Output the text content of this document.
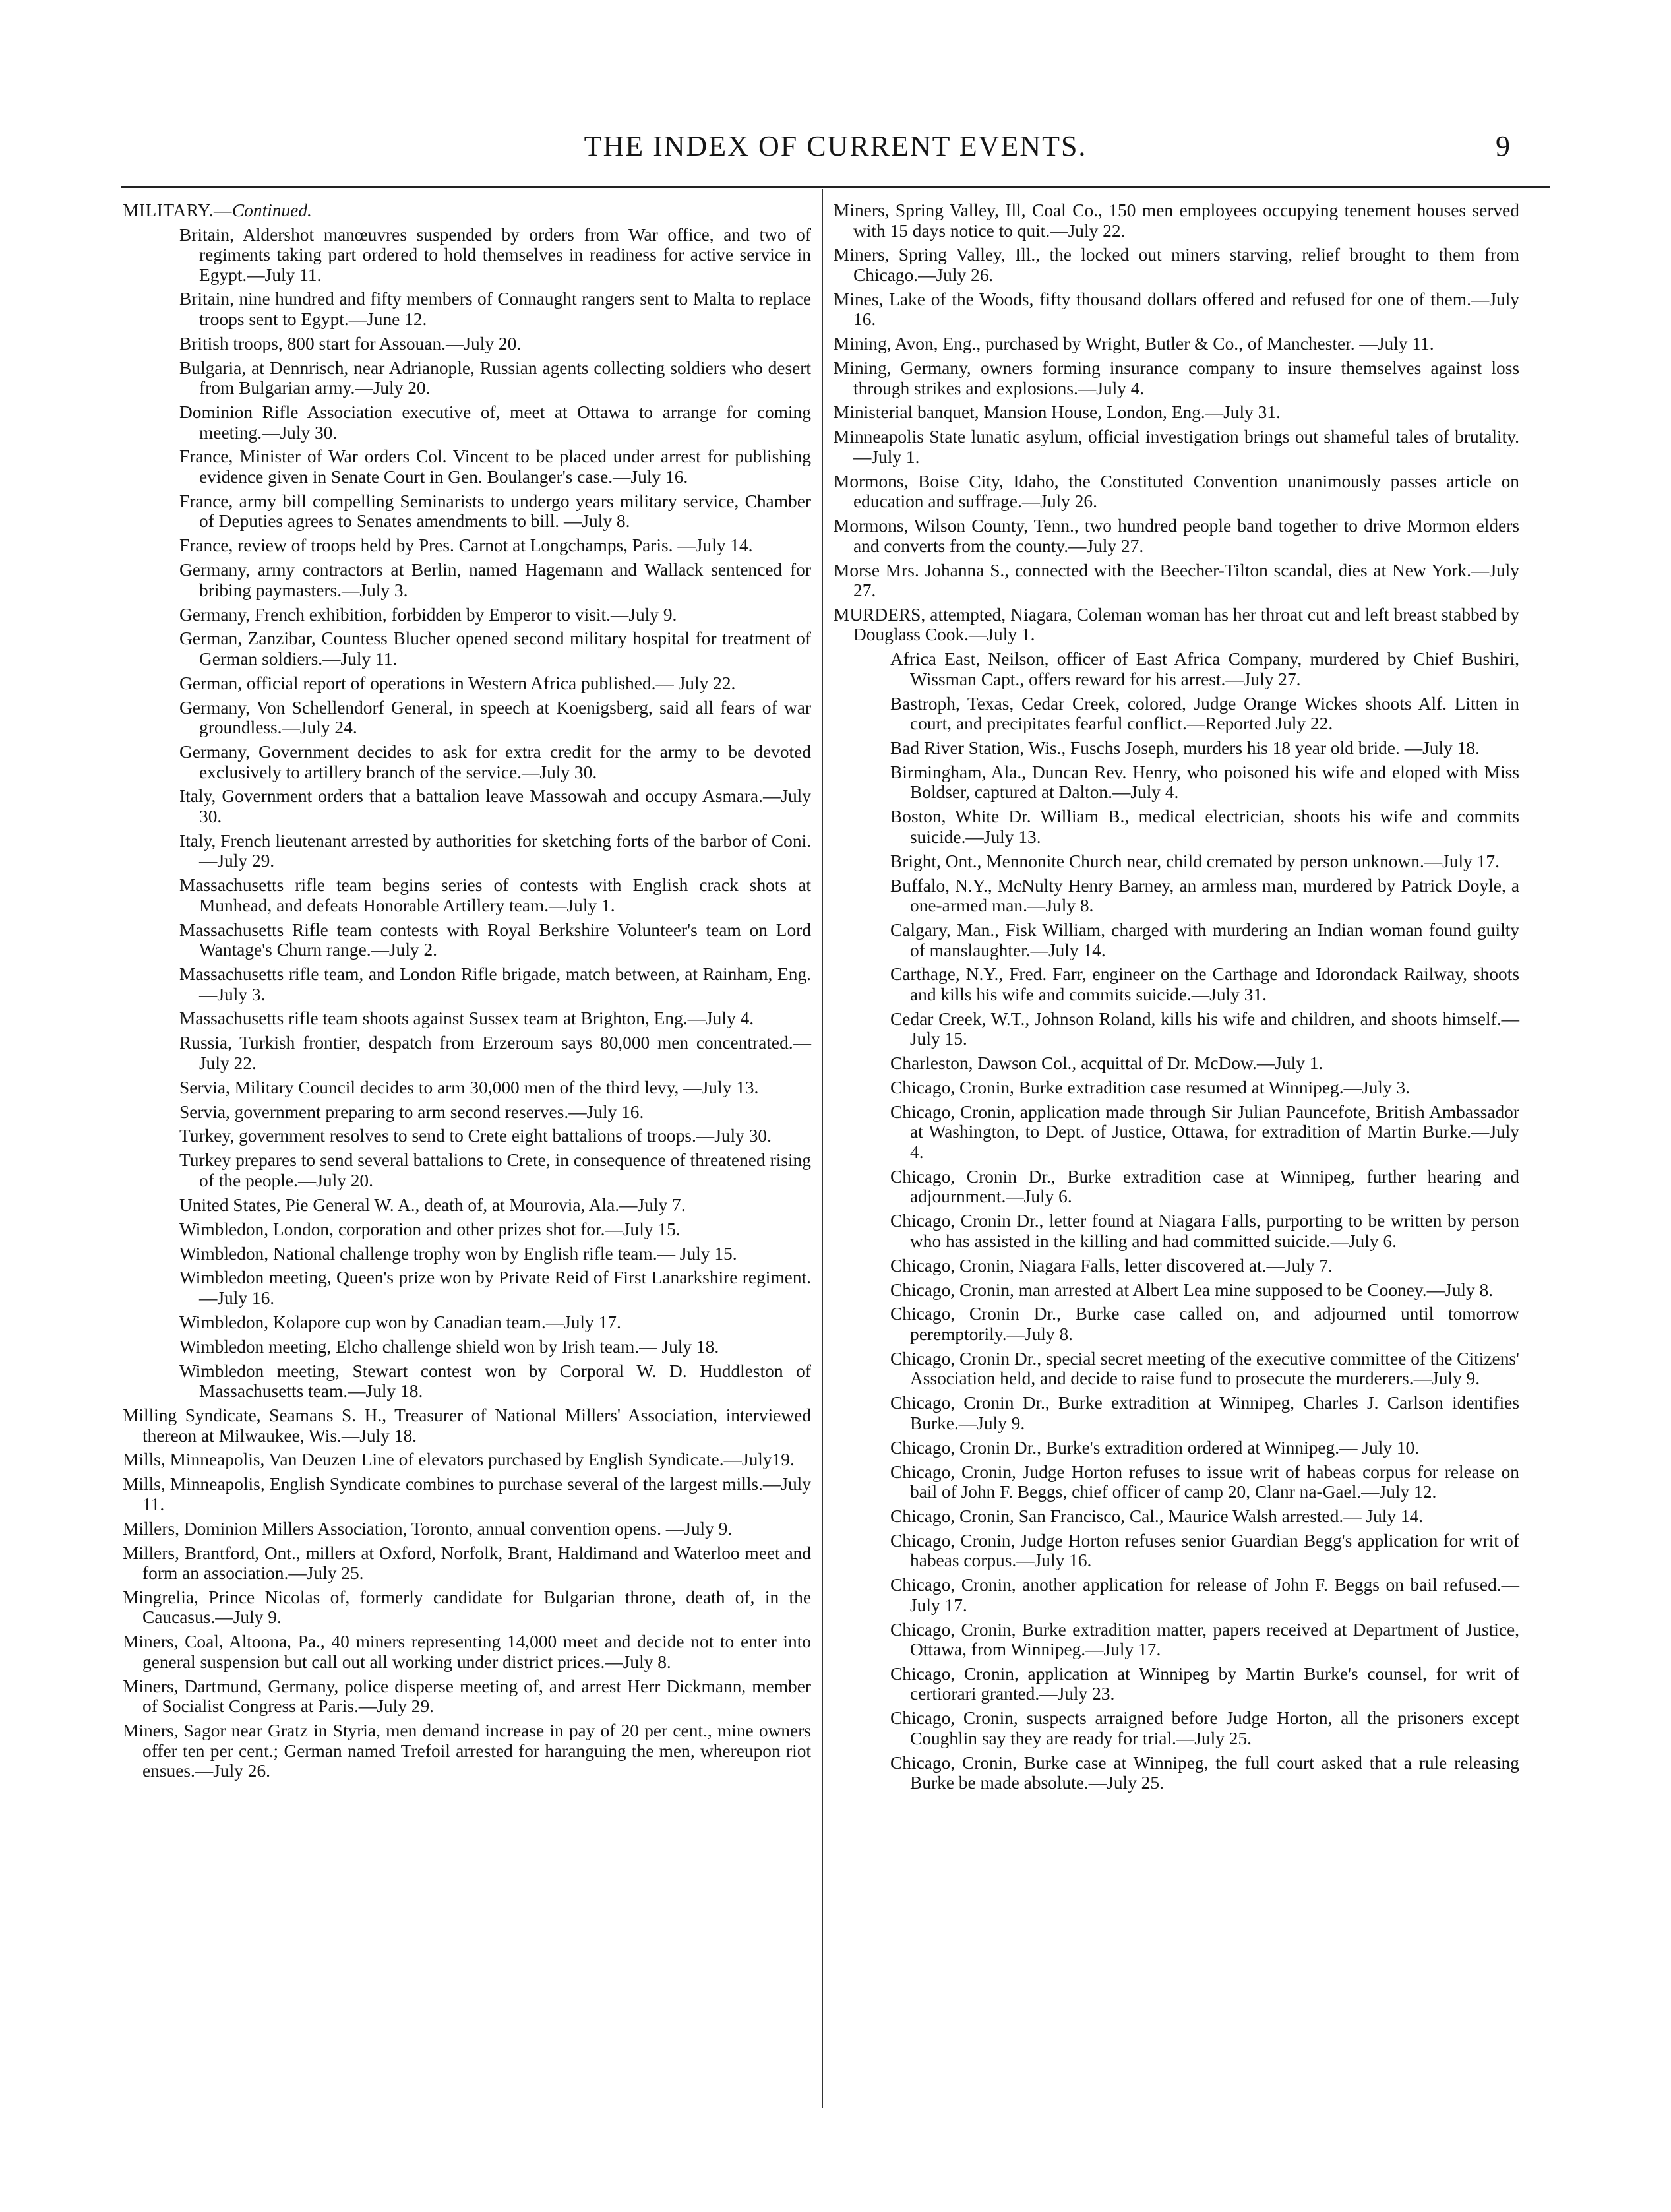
THE INDEX OF CURRENT EVENTS.	9
MILITARY.—Continued.
Britain, Aldershot manœuvres suspended by orders from War office, and two of regiments taking part ordered to hold themselves in readiness for active service in Egypt.—July 11.
Britain, nine hundred and fifty members of Connaught rangers sent to Malta to replace troops sent to Egypt.—June 12.
British troops, 800 start for Assouan.—July 20.
Bulgaria, at Dennrisch, near Adrianople, Russian agents collecting soldiers who desert from Bulgarian army.—July 20.
Dominion Rifle Association executive of, meet at Ottawa to arrange for coming meeting.—July 30.
France, Minister of War orders Col. Vincent to be placed under arrest for publishing evidence given in Senate Court in Gen. Boulanger's case.—July 16.
France, army bill compelling Seminarists to undergo years military service, Chamber of Deputies agrees to Senates amendments to bill. —July 8.
France, review of troops held by Pres. Carnot at Longchamps, Paris. —July 14.
Germany, army contractors at Berlin, named Hagemann and Wallack sentenced for bribing paymasters.—July 3.
Germany, French exhibition, forbidden by Emperor to visit.—July 9.
German, Zanzibar, Countess Blucher opened second military hospital for treatment of German soldiers.—July 11.
German, official report of operations in Western Africa published.— July 22.
Germany, Von Schellendorf General, in speech at Koenigsberg, said all fears of war groundless.—July 24.
Germany, Government decides to ask for extra credit for the army to be devoted exclusively to artillery branch of the service.—July 30.
Italy, Government orders that a battalion leave Massowah and occupy Asmara.—July 30.
Italy, French lieutenant arrested by authorities for sketching forts of the barbor of Coni.—July 29.
Massachusetts rifle team begins series of contests with English crack shots at Munhead, and defeats Honorable Artillery team.—July 1.
Massachusetts Rifle team contests with Royal Berkshire Volunteer's team on Lord Wantage's Churn range.—July 2.
Massachusetts rifle team, and London Rifle brigade, match between, at Rainham, Eng.—July 3.
Massachusetts rifle team shoots against Sussex team at Brighton, Eng.—July 4.
Russia, Turkish frontier, despatch from Erzeroum says 80,000 men concentrated.—July 22.
Servia, Military Council decides to arm 30,000 men of the third levy, —July 13.
Servia, government preparing to arm second reserves.—July 16.
Turkey, government resolves to send to Crete eight battalions of troops.—July 30.
Turkey prepares to send several battalions to Crete, in consequence of threatened rising of the people.—July 20.
United States, Pie General W. A., death of, at Mourovia, Ala.—July 7.
Wimbledon, London, corporation and other prizes shot for.—July 15.
Wimbledon, National challenge trophy won by English rifle team.— July 15.
Wimbledon meeting, Queen's prize won by Private Reid of First Lanarkshire regiment.—July 16.
Wimbledon, Kolapore cup won by Canadian team.—July 17.
Wimbledon meeting, Elcho challenge shield won by Irish team.— July 18.
Wimbledon meeting, Stewart contest won by Corporal W. D. Huddleston of Massachusetts team.—July 18.
Milling Syndicate, Seamans S. H., Treasurer of National Millers' Association, interviewed thereon at Milwaukee, Wis.—July 18.
Mills, Minneapolis, Van Deuzen Line of elevators purchased by English Syndicate.—July19.
Mills, Minneapolis, English Syndicate combines to purchase several of the largest mills.—July 11.
Millers, Dominion Millers Association, Toronto, annual convention opens. —July 9.
Millers, Brantford, Ont., millers at Oxford, Norfolk, Brant, Haldimand and Waterloo meet and form an association.—July 25.
Mingrelia, Prince Nicolas of, formerly candidate for Bulgarian throne, death of, in the Caucasus.—July 9.
Miners, Coal, Altoona, Pa., 40 miners representing 14,000 meet and decide not to enter into general suspension but call out all working under district prices.—July 8.
Miners, Dartmund, Germany, police disperse meeting of, and arrest Herr Dickmann, member of Socialist Congress at Paris.—July 29.
Miners, Sagor near Gratz in Styria, men demand increase in pay of 20 per cent., mine owners offer ten per cent.; German named Trefoil arrested for haranguing the men, whereupon riot ensues.—July 26.
Miners, Spring Valley, Ill, Coal Co., 150 men employees occupying tenement houses served with 15 days notice to quit.—July 22.
Miners, Spring Valley, Ill., the locked out miners starving, relief brought to them from Chicago.—July 26.
Mines, Lake of the Woods, fifty thousand dollars offered and refused for one of them.—July 16.
Mining, Avon, Eng., purchased by Wright, Butler & Co., of Manchester. —July 11.
Mining, Germany, owners forming insurance company to insure themselves against loss through strikes and explosions.—July 4.
Ministerial banquet, Mansion House, London, Eng.—July 31.
Minneapolis State lunatic asylum, official investigation brings out shameful tales of brutality.—July 1.
Mormons, Boise City, Idaho, the Constituted Convention unanimously passes article on education and suffrage.—July 26.
Mormons, Wilson County, Tenn., two hundred people band together to drive Mormon elders and converts from the county.—July 27.
Morse Mrs. Johanna S., connected with the Beecher-Tilton scandal, dies at New York.—July 27.
MURDERS, attempted, Niagara, Coleman woman has her throat cut and left breast stabbed by Douglass Cook.—July 1.
Africa East, Neilson, officer of East Africa Company, murdered by Chief Bushiri, Wissman Capt., offers reward for his arrest.—July 27.
Bastroph, Texas, Cedar Creek, colored, Judge Orange Wickes shoots Alf. Litten in court, and precipitates fearful conflict.—Reported July 22.
Bad River Station, Wis., Fuschs Joseph, murders his 18 year old bride. —July 18.
Birmingham, Ala., Duncan Rev. Henry, who poisoned his wife and eloped with Miss Boldser, captured at Dalton.—July 4.
Boston, White Dr. William B., medical electrician, shoots his wife and commits suicide.—July 13.
Bright, Ont., Mennonite Church near, child cremated by person unknown.—July 17.
Buffalo, N.Y., McNulty Henry Barney, an armless man, murdered by Patrick Doyle, a one-armed man.—July 8.
Calgary, Man., Fisk William, charged with murdering an Indian woman found guilty of manslaughter.—July 14.
Carthage, N.Y., Fred. Farr, engineer on the Carthage and Idorondack Railway, shoots and kills his wife and commits suicide.—July 31.
Cedar Creek, W.T., Johnson Roland, kills his wife and children, and shoots himself.—July 15.
Charleston, Dawson Col., acquittal of Dr. McDow.—July 1.
Chicago, Cronin, Burke extradition case resumed at Winnipeg.—July 3.
Chicago, Cronin, application made through Sir Julian Pauncefote, British Ambassador at Washington, to Dept. of Justice, Ottawa, for extradition of Martin Burke.—July 4.
Chicago, Cronin Dr., Burke extradition case at Winnipeg, further hearing and adjournment.—July 6.
Chicago, Cronin Dr., letter found at Niagara Falls, purporting to be written by person who has assisted in the killing and had committed suicide.—July 6.
Chicago, Cronin, Niagara Falls, letter discovered at.—July 7.
Chicago, Cronin, man arrested at Albert Lea mine supposed to be Cooney.—July 8.
Chicago, Cronin Dr., Burke case called on, and adjourned until tomorrow peremptorily.—July 8.
Chicago, Cronin Dr., special secret meeting of the executive committee of the Citizens' Association held, and decide to raise fund to prosecute the murderers.—July 9.
Chicago, Cronin Dr., Burke extradition at Winnipeg, Charles J. Carlson identifies Burke.—July 9.
Chicago, Cronin Dr., Burke's extradition ordered at Winnipeg.— July 10.
Chicago, Cronin, Judge Horton refuses to issue writ of habeas corpus for release on bail of John F. Beggs, chief officer of camp 20, Clanr na-Gael.—July 12.
Chicago, Cronin, San Francisco, Cal., Maurice Walsh arrested.— July 14.
Chicago, Cronin, Judge Horton refuses senior Guardian Begg's application for writ of habeas corpus.—July 16.
Chicago, Cronin, another application for release of John F. Beggs on bail refused.—July 17.
Chicago, Cronin, Burke extradition matter, papers received at Department of Justice, Ottawa, from Winnipeg.—July 17.
Chicago, Cronin, application at Winnipeg by Martin Burke's counsel, for writ of certiorari granted.—July 23.
Chicago, Cronin, suspects arraigned before Judge Horton, all the prisoners except Coughlin say they are ready for trial.—July 25.
Chicago, Cronin, Burke case at Winnipeg, the full court asked that a rule releasing Burke be made absolute.—July 25.
